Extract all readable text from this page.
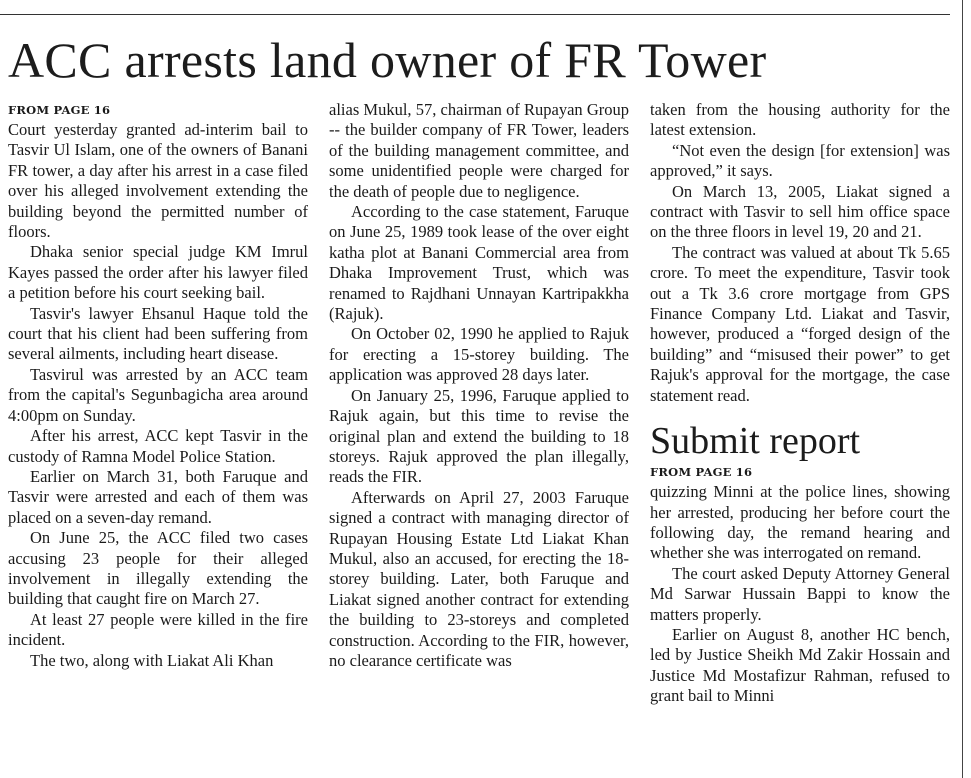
ACC arrests land owner of FR Tower

FROM PAGE 16

Court yesterday granted ad-interim bail to Tasvir Ul Islam, one of the owners of Banani FR tower, a day after his arrest in a case filed over his alleged involvement extending the building beyond the permitted number of floors.

Dhaka senior special judge KM Imrul Kayes passed the order after his lawyer filed a petition before his court seeking bail.

Tasvir's lawyer Ehsanul Haque told the court that his client had been suffering from several ailments, including heart disease.

Tasvirul was arrested by an ACC team from the capital's Segunbagicha area around 4:00pm on Sunday.

After his arrest, ACC kept Tasvir in the custody of Ramna Model Police Station.

Earlier on March 31, both Faruque and Tasvir were arrested and each of them was placed on a seven-day remand.

On June 25, the ACC filed two cases accusing 23 people for their alleged involvement in illegally extending the building that caught fire on March 27.

At least 27 people were killed in the fire incident.

The two, along with Liakat Ali Khan

alias Mukul, 57, chairman of Rupayan Group -- the builder company of FR Tower, leaders of the building management committee, and some unidentified people were charged for the death of people due to negligence.

According to the case statement, Faruque on June 25, 1989 took lease of the over eight katha plot at Banani Commercial area from Dhaka Improvement Trust, which was renamed to Rajdhani Unnayan Kartripakkha (Rajuk).

On October 02, 1990 he applied to Rajuk for erecting a 15-storey building. The application was approved 28 days later.

On January 25, 1996, Faruque applied to Rajuk again, but this time to revise the original plan and extend the building to 18 storeys. Rajuk approved the plan illegally, reads the FIR.

Afterwards on April 27, 2003 Faruque signed a contract with managing director of Rupayan Housing Estate Ltd Liakat Khan Mukul, also an accused, for erecting the 18-storey building. Later, both Faruque and Liakat signed another contract for extending the building to 23-storeys and completed construction. According to the FIR, however, no clearance certificate was

taken from the housing authority for the latest extension.

“Not even the design [for extension] was approved,” it says.

On March 13, 2005, Liakat signed a contract with Tasvir to sell him office space on the three floors in level 19, 20 and 21.

The contract was valued at about Tk 5.65 crore. To meet the expenditure, Tasvir took out a Tk 3.6 crore mortgage from GPS Finance Company Ltd. Liakat and Tasvir, however, produced a “forged design of the building” and “misused their power” to get Rajuk's approval for the mortgage, the case statement read.

Submit report

FROM PAGE 16

quizzing Minni at the police lines, showing her arrested, producing her before court the following day, the remand hearing and whether she was interrogated on remand.

The court asked Deputy Attorney General Md Sarwar Hussain Bappi to know the matters properly.

Earlier on August 8, another HC bench, led by Justice Sheikh Md Zakir Hossain and Justice Md Mostafizur Rahman, refused to grant bail to Minni
